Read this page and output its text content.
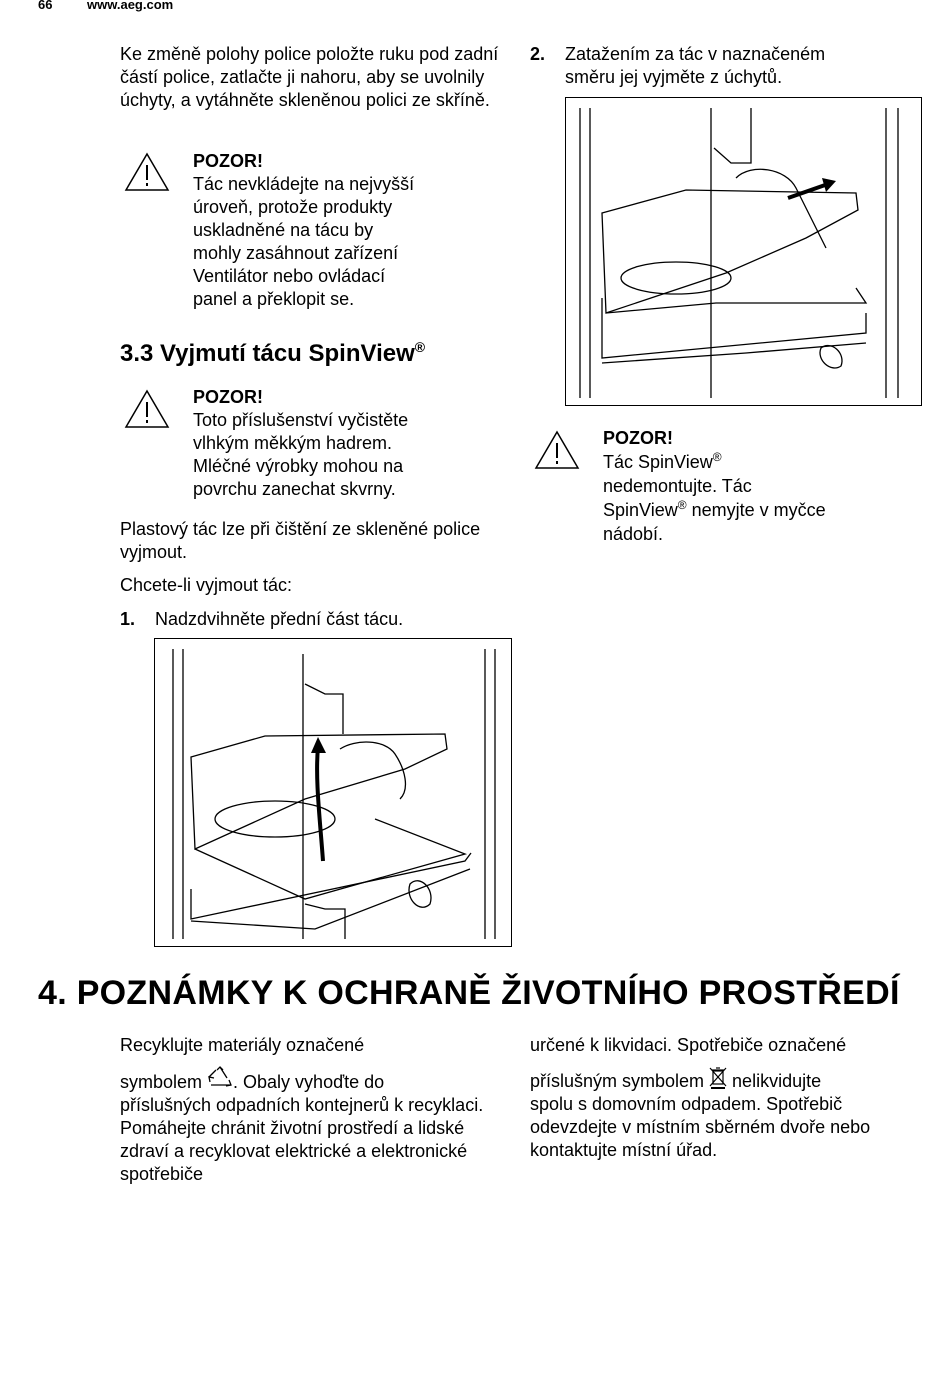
66	www.aeg.com

Ke změně polohy police položte ruku pod zadní částí police, zatlačte ji nahoru, aby se uvolnily úchyty, a vytáhněte skleněnou polici ze skříně.

POZOR!
Tác nevkládejte na nejvyšší
úroveň, protože produkty
uskladněné na tácu by
mohly zasáhnout zařízení
Ventilátor nebo ovládací
panel a překlopit se.
3.3 Vyjmutí tácu SpinView®
POZOR!
Toto příslušenství vyčistěte
vlhkým měkkým hadrem.
Mléčné výrobky mohou na
povrchu zanechat skvrny.

Plastový tác lze při čištění ze skleněné police vyjmout.

Chcete-li vyjmout tác:

1. Nadzdvihněte přední část tácu.
2. Zatažením za tác v naznačeném směru jej vyjměte z úchytů.
POZOR!
Tác SpinView®
nedemontujte. Tác
SpinView® nemyjte v myčce
nádobí.
4. POZNÁMKY K OCHRANĚ ŽIVOTNÍHO PROSTŘEDÍ
Recyklujte materiály označené
symbolem . Obaly vyhoďte do
příslušných odpadních kontejnerů k recyklaci. Pomáhejte chránit životní prostředí a lidské zdraví a recyklovat elektrické a elektronické spotřebiče
určené k likvidaci. Spotřebiče označené
příslušným symbolem  nelikvidujte
spolu s domovním odpadem. Spotřebič odevzdejte v místním sběrném dvoře nebo kontaktujte místní úřad.
